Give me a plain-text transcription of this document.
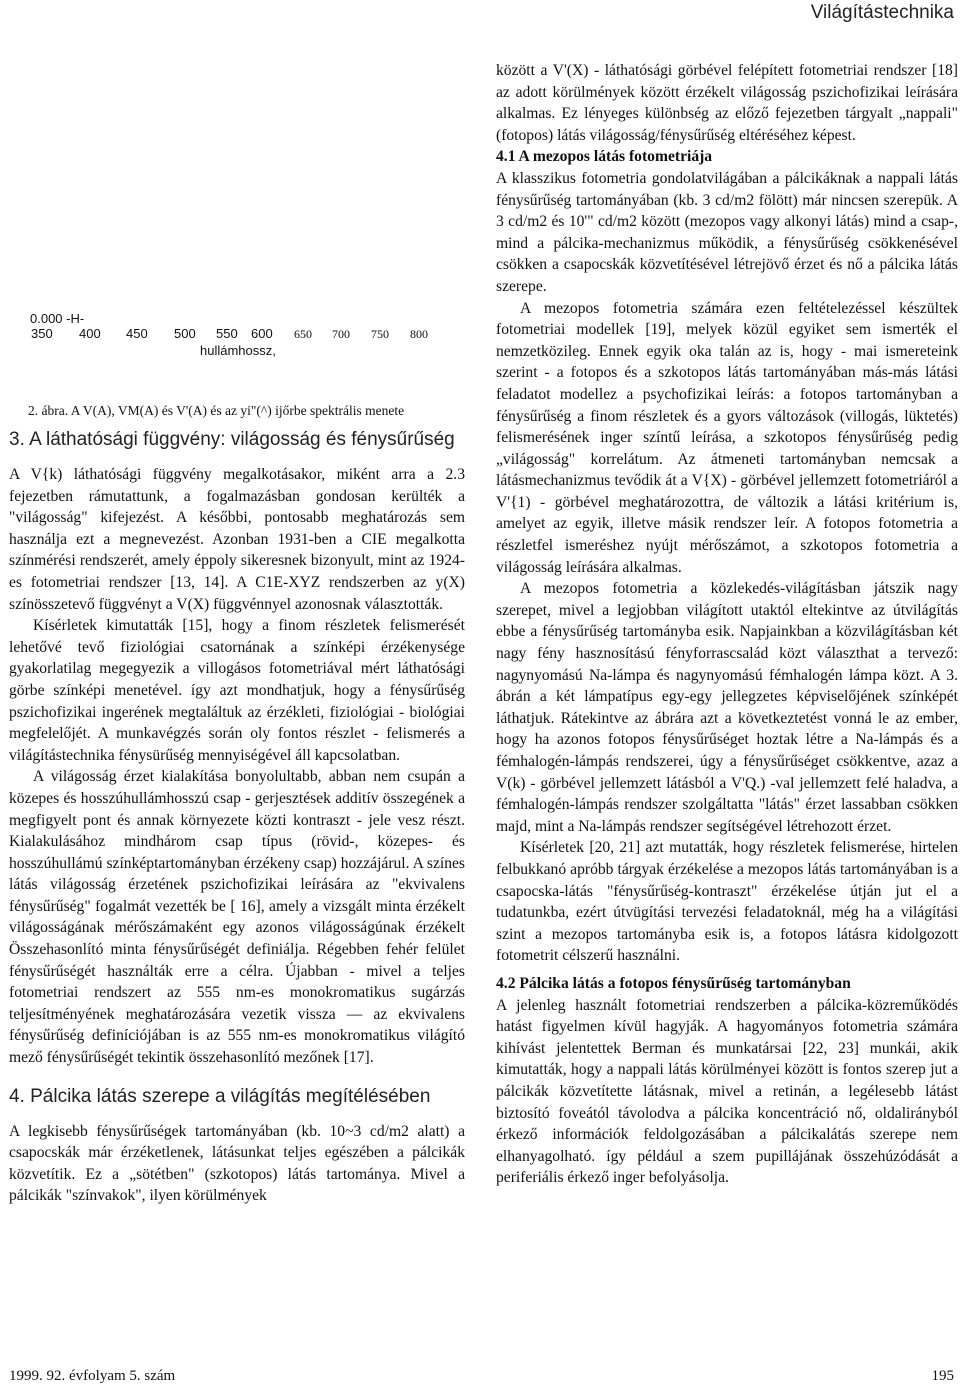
Világítástechnika
0.000 -H-
350 400 450 500 550 600 650 700 750 800
hullámhossz,
2. ábra. A V(A), VM(A) és V'(A) és az yi"(^) ijőrbe spektrális menete
3. A láthatósági függvény: világosság és fénysűrűség

A V{k) láthatósági függvény megalkotásakor, miként arra a 2.3 fejezetben rámutattunk, a fogalmazásban gondosan kerülték a "világosság" kifejezést. A későbbi, pontosabb meghatározás sem használja ezt a megnevezést. Azonban 1931-ben a CIE megalkotta színmérési rendszerét, amely éppoly sikeresnek bizonyult, mint az 1924-es fotometriai rendszer [13, 14]. A C1E-XYZ rendszerben az y(X) színösszetevő függvényt a V(X) függvénnyel azonosnak választották.

Kísérletek kimutatták [15], hogy a finom részletek felismerését lehetővé tevő fiziológiai csatornának a színképi érzékenysége gyakorlatilag megegyezik a villogásos fotometriával mért láthatósági görbe színképi menetével. így azt mondhatjuk, hogy a fénysűrűség pszichofizikai ingerének megtaláltuk az érzékleti, fiziológiai - biológiai megfelelőjét. A munkavégzés során oly fontos részlet - felismerés a világítástechnika fénysürűség mennyiségével áll kapcsolatban.

A világosság érzet kialakítása bonyolultabb, abban nem csupán a közepes és hosszúhullámhosszú csap - gerjesztések additív összegének a megfigyelt pont és annak környezete közti kontraszt - jele vesz részt. Kialakulásához mindhárom csap típus (rövid-, közepes- és hosszúhullámú színképtartományban érzékeny csap) hozzájárul. A színes látás világosság érzetének pszichofizikai leírására az "ekvivalens fénysűrűség" fogalmát vezették be [ 16], amely a vizsgált minta érzékelt világosságának mérőszámaként egy azonos világosságúnak érzékelt Összehasonlító minta fénysűrűségét definiálja. Régebben fehér felület fénysűrűségét használták erre a célra. Újabban - mivel a teljes fotometriai rendszert az 555 nm-es monokromatikus sugárzás teljesítményének meghatározására vezetik vissza — az ekvivalens fénysűrűség definíciójában is az 555 nm-es monokromatikus világító mező fénysűrűségét tekintik összehasonlító mezőnek [17].

4. Pálcika látás szerepe a világítás megítélésében

A legkisebb fénysűrűségek tartományában (kb. 10~3 cd/m2 alatt) a csapocskák már érzéketlenek, látásunkat teljes egészében a pálcikák közvetítik. Ez a „sötétben" (szkotopos) látás tartománya. Mivel a pálcikák "színvakok", ilyen körülmények

között a V'(X) - láthatósági görbével felépített fotometriai rendszer [18] az adott körülmények között érzékelt világosság pszichofizikai leírására alkalmas. Ez lényeges különbség az előző fejezetben tárgyalt „nappali" (fotopos) látás világosság/fénysűrűség eltéréséhez képest.

4.1 A mezopos látás fotometriája

A klasszikus fotometria gondolatvilágában a pálcikáknak a nappali látás fénysűrűség tartományában (kb. 3 cd/m2 fölött) már nincsen szerepük. A 3 cd/m2 és 10'" cd/m2 között (mezopos vagy alkonyi látás) mind a csap-, mind a pálcika-mechanizmus működik, a fénysűrűség csökkenésével csökken a csapocskák közvetítésével létrejövő érzet és nő a pálcika látás szerepe.

A mezopos fotometria számára ezen feltételezéssel készültek fotometriai modellek [19], melyek közül egyiket sem ismerték el nemzetközileg. Ennek egyik oka talán az is, hogy - mai ismereteink szerint - a fotopos és a szkotopos látás tartományában más-más látási feladatot modellez a psychofizikai leírás: a fotopos tartományban a fénysűrűség a finom részletek és a gyors változások (villogás, lüktetés) felismerésének inger színtű leírása, a szkotopos fénysűrűség pedig „világosság" korrelátum. Az átmeneti tartományban nemcsak a látásmechanizmus tevődik át a V{X) - görbével jellemzett fotometriáról a V'{1) - görbével meghatározottra, de változik a látási kritérium is, amelyet az egyik, illetve másik rendszer leír. A fotopos fotometria a részletfel ismeréshez nyújt mérőszámot, a szkotopos fotometria a világosság leírására alkalmas.

A mezopos fotometria a közlekedés-világításban játszik nagy szerepet, mivel a legjobban világított utaktól eltekintve az útvilágítás ebbe a fénysűrűség tartományba esik. Napjainkban a közvilágításban két nagy fény hasznosítású fényforrascsalád közt választhat a tervező: nagynyomású Na-lámpa és nagynyomású fémhalogén lámpa közt. A 3. ábrán a két lámpatípus egy-egy jellegzetes képviselőjének színképét láthatjuk. Rátekintve az ábrára azt a következtetést vonná le az ember, hogy ha azonos fotopos fénysűrűséget hoztak létre a Na-lámpás és a fémhalogén-lámpás rendszerei, úgy a fénysűrűséget csökkentve, azaz a V(k) - görbével jellemzett látásból a V'Q.) -val jellemzett felé haladva, a fémhalogén-lámpás rendszer szolgáltatta "látás" érzet lassabban csökken majd, mint a Na-lámpás rendszer segítségével létrehozott érzet.

Kísérletek [20, 21] azt mutatták, hogy részletek felismerése, hirtelen felbukkanó apróbb tárgyak érzékelése a mezopos látás tartományában is a csapocska-látás "fénysűrűség-kontraszt" érzékelése útján jut el a tudatunkba, ezért útvügítási tervezési feladatoknál, még ha a világítási szint a mezopos tartományba esik is, a fotopos látásra kidolgozott fotometrit célszerű használni.

4.2 Pálcika látás a fotopos fénysűrűség tartományban

A jelenleg használt fotometriai rendszerben a pálcika-közreműködés hatást figyelmen kívül hagyják. A hagyományos fotometria számára kihívást jelentettek Berman és munkatársai [22, 23] munkái, akik kimutatták, hogy a nappali látás körülményei között is fontos szerep jut a pálcikák közvetítette látásnak, mivel a retinán, a legélesebb látást biztosító foveától távolodva a pálcika koncentráció nő, oldalirányból érkező információk feldolgozásában a pálcikalátás szerepe nem elhanyagolható. így például a szem pupillájának összehúzódását a periferiális érkező inger befolyásolja.

1999. 92. évfolyam 5. szám	195
